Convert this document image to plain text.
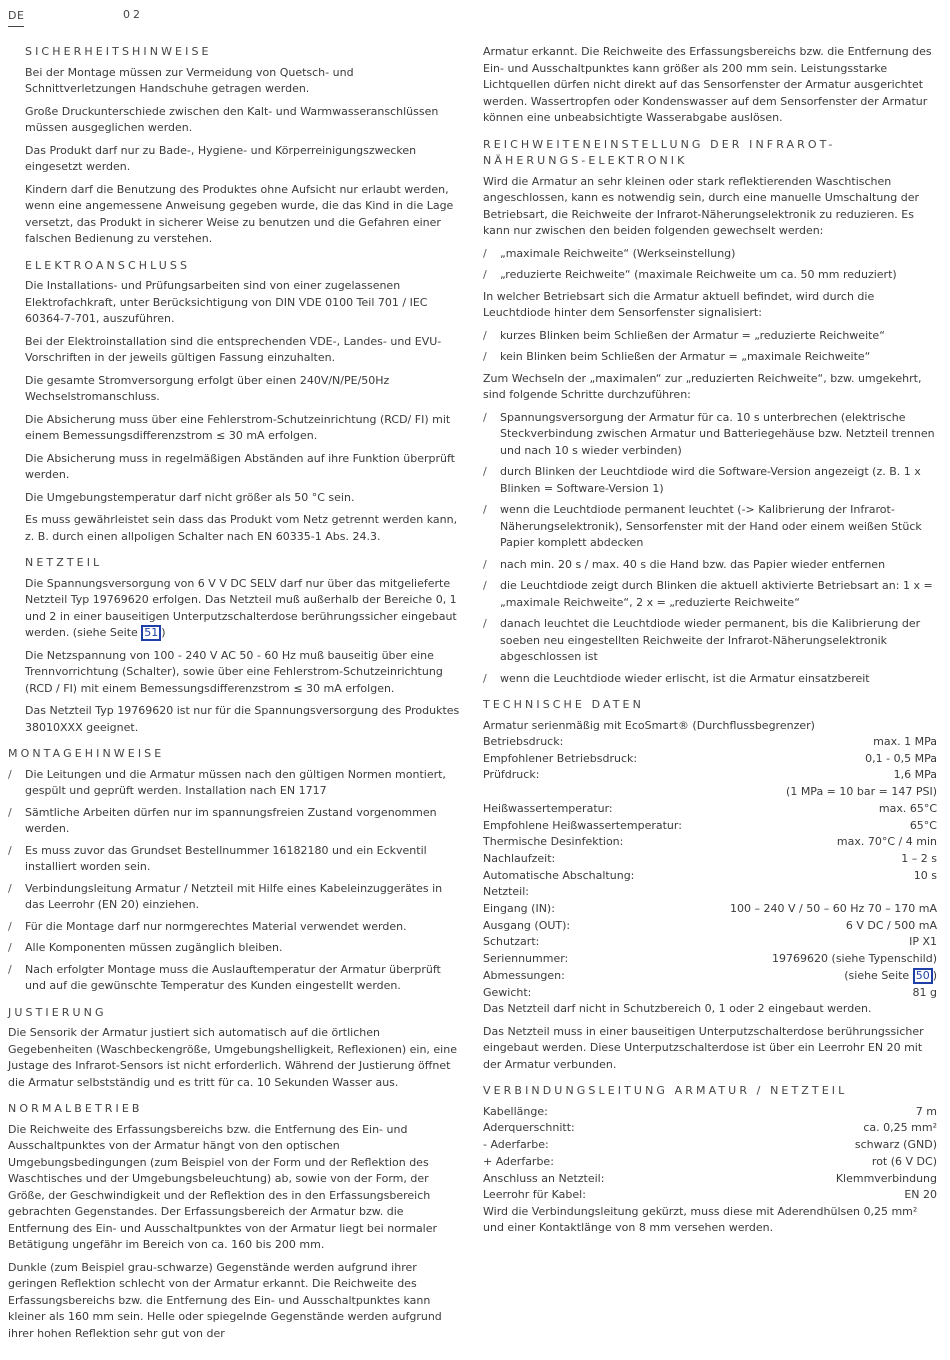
DE	02
SICHERHEITSHINWEISE

Bei der Montage müssen zur Vermeidung von Quetsch- und Schnittverletzungen Handschuhe getragen werden.

Große Druckunterschiede zwischen den Kalt- und Warmwasseranschlüssen müssen ausgeglichen werden.

Das Produkt darf nur zu Bade-, Hygiene- und Körperreinigungszwecken eingesetzt werden.

Kindern darf die Benutzung des Produktes ohne Aufsicht nur erlaubt werden, wenn eine angemessene Anweisung gegeben wurde, die das Kind in die Lage versetzt, das Produkt in sicherer Weise zu benutzen und die Gefahren einer falschen Bedienung zu verstehen.

ELEKTROANSCHLUSS

Die Installations- und Prüfungsarbeiten sind von einer zugelassenen Elektrofachkraft, unter Berücksichtigung von DIN VDE 0100 Teil 701 / IEC 60364-7-701, auszuführen.

Bei der Elektroinstallation sind die entsprechenden VDE-, Landes- und EVU-Vorschriften in der jeweils gültigen Fassung einzuhalten.

Die gesamte Stromversorgung erfolgt über einen 240V/N/PE/50Hz Wechselstromanschluss.

Die Absicherung muss über eine Fehlerstrom-Schutzeinrichtung (RCD/ FI) mit einem Bemessungsdifferenzstrom ≤ 30 mA erfolgen.

Die Absicherung muss in regelmäßigen Abständen auf ihre Funktion überprüft werden.

Die Umgebungstemperatur darf nicht größer als 50 °C sein.

Es muss gewährleistet sein dass das Produkt vom Netz getrennt werden kann, z. B. durch einen allpoligen Schalter nach EN 60335-1 Abs. 24.3.

NETZTEIL

Die Spannungsversorgung von 6 V V DC SELV darf nur über das mitgelieferte Netzteil Typ 19769620 erfolgen. Das Netzteil muß außerhalb der Bereiche 0, 1 und 2 in einer bauseitigen Unterputzschalterdose berührungssicher eingebaut werden. (siehe Seite 51 )

Die Netzspannung von 100 - 240 V AC 50 - 60 Hz muß bauseitig über eine Trennvorrichtung (Schalter), sowie über eine Fehlerstrom-Schutzeinrichtung (RCD / FI) mit einem Bemessungsdifferenzstrom ≤ 30 mA erfolgen.

Das Netzteil Typ 19769620 ist nur für die Spannungsversorgung des Produktes 38010XXX geeignet.

MONTAGEHINWEISE
/ Die Leitungen und die Armatur müssen nach den gültigen Normen montiert, gespült und geprüft werden. Installation nach EN 1717
/ Sämtliche Arbeiten dürfen nur im spannungsfreien Zustand vorgenommen werden.
/ Es muss zuvor das Grundset Bestellnummer 16182180 und ein Eckventil installiert worden sein.
/ Verbindungsleitung Armatur / Netzteil mit Hilfe eines Kabeleinzuggerätes in das Leerrohr (EN 20) einziehen.
/ Für die Montage darf nur normgerechtes Material verwendet werden.
/ Alle Komponenten müssen zugänglich bleiben.
/ Nach erfolgter Montage muss die Auslauftemperatur der Armatur überprüft und auf die gewünschte Temperatur des Kunden eingestellt werden.
JUSTIERUNG

Die Sensorik der Armatur justiert sich automatisch auf die örtlichen Gegebenheiten (Waschbeckengröße, Umgebungshelligkeit, Reflexionen) ein, eine Justage des Infrarot-Sensors ist nicht erforderlich. Während der Justierung öffnet die Armatur selbstständig und es tritt für ca. 10 Sekunden Wasser aus.

NORMALBETRIEB

Die Reichweite des Erfassungsbereichs bzw. die Entfernung des Ein- und Ausschaltpunktes von der Armatur hängt von den optischen Umgebungsbedingungen (zum Beispiel von der Form und der Reflektion des Waschtisches und der Umgebungsbeleuchtung) ab, sowie von der Form, der Größe, der Geschwindigkeit und der Reflektion des in den Erfassungsbereich gebrachten Gegenstandes. Der Erfassungsbereich der Armatur bzw. die Entfernung des Ein- und Ausschaltpunktes von der Armatur liegt bei normaler Betätigung ungefähr im Bereich von ca. 160 bis 200 mm.

Dunkle (zum Beispiel grau-schwarze) Gegenstände werden aufgrund ihrer geringen Reflektion schlecht von der Armatur erkannt. Die Reichweite des Erfassungsbereichs bzw. die Entfernung des Ein- und Ausschaltpunktes kann kleiner als 160 mm sein. Helle oder spiegelnde Gegenstände werden aufgrund ihrer hohen Reflektion sehr gut von der

Armatur erkannt. Die Reichweite des Erfassungsbereichs bzw. die Entfernung des Ein- und Ausschaltpunktes kann größer als 200 mm sein. Leistungsstarke Lichtquellen dürfen nicht direkt auf das Sensorfenster der Armatur ausgerichtet werden. Wassertropfen oder Kondenswasser auf dem Sensorfenster der Armatur können eine unbeabsichtigte Wasserabgabe auslösen.

REICHWEITENEINSTELLUNG DER INFRAROT-NÄHERUNGS-ELEKTRONIK

Wird die Armatur an sehr kleinen oder stark reflektierenden Waschtischen angeschlossen, kann es notwendig sein, durch eine manuelle Umschaltung der Betriebsart, die Reichweite der Infrarot-Näherungselektronik zu reduzieren. Es kann nur zwischen den beiden folgenden gewechselt werden:

/ „maximale Reichweite“ (Werkseinstellung)
/ „reduzierte Reichweite“ (maximale Reichweite um ca. 50 mm reduziert)

In welcher Betriebsart sich die Armatur aktuell befindet, wird durch die Leuchtdiode hinter dem Sensorfenster signalisiert:

/ kurzes Blinken beim Schließen der Armatur = „reduzierte Reichweite“
/ kein Blinken beim Schließen der Armatur = „maximale Reichweite“

Zum Wechseln der „maximalen“ zur „reduzierten Reichweite“, bzw. umgekehrt, sind folgende Schritte durchzuführen:

/ Spannungsversorgung der Armatur für ca. 10 s unterbrechen (elektrische Steckverbindung zwischen Armatur und Batteriegehäuse bzw. Netzteil trennen und nach 10 s wieder verbinden)
/ durch Blinken der Leuchtdiode wird die Software-Version angezeigt (z. B. 1 x Blinken = Software-Version 1)
/ wenn die Leuchtdiode permanent leuchtet (-> Kalibrierung der Infrarot-Näherungselektronik), Sensorfenster mit der Hand oder einem weißen Stück Papier komplett abdecken
/ nach min. 20 s / max. 40 s die Hand bzw. das Papier wieder entfernen
/ die Leuchtdiode zeigt durch Blinken die aktuell aktivierte Betriebsart an: 1 x = „maximale Reichweite“, 2 x = „reduzierte Reichweite“
/ danach leuchtet die Leuchtdiode wieder permanent, bis die Kalibrierung der soeben neu eingestellten Reichweite der Infrarot-Näherungselektronik abgeschlossen ist
/ wenn die Leuchtdiode wieder erlischt, ist die Armatur einsatzbereit
TECHNISCHE DATEN
Armatur serienmäßig mit EcoSmart® (Durchflussbegrenzer)
Betriebsdruck:	max. 1 MPa
Empfohlener Betriebsdruck:	0,1 - 0,5 MPa
Prüfdruck:	1,6 MPa
(1 MPa = 10 bar = 147 PSI)
Heißwassertemperatur:	max. 65°C
Empfohlene Heißwassertemperatur:	65°C
Thermische Desinfektion:	max. 70°C / 4 min
Nachlaufzeit:	1 – 2 s
Automatische Abschaltung:	10 s
Netzteil:
Eingang (IN):	100 – 240 V / 50 – 60 Hz 70 – 170 mA
Ausgang (OUT):	6 V DC / 500 mA
Schutzart:	IP X1
Seriennummer:	19769620 (siehe Typenschild)
Abmessungen:	(siehe Seite 50 )
Gewicht:	81 g

Das Netzteil darf nicht in Schutzbereich 0, 1 oder 2 eingebaut werden.

Das Netzteil muss in einer bauseitigen Unterputzschalterdose berührungssicher eingebaut werden. Diese Unterputzschalterdose ist über ein Leerrohr EN 20 mit der Armatur verbunden.

VERBINDUNGSLEITUNG ARMATUR / NETZTEIL
Kabellänge:	7 m
Aderquerschnitt:	ca. 0,25 mm²
- Aderfarbe:	schwarz (GND)
+ Aderfarbe:	rot (6 V DC)
Anschluss an Netzteil:	Klemmverbindung
Leerrohr für Kabel:	EN 20

Wird die Verbindungsleitung gekürzt, muss diese mit Aderendhülsen 0,25 mm² und einer Kontaktlänge von 8 mm versehen werden.
